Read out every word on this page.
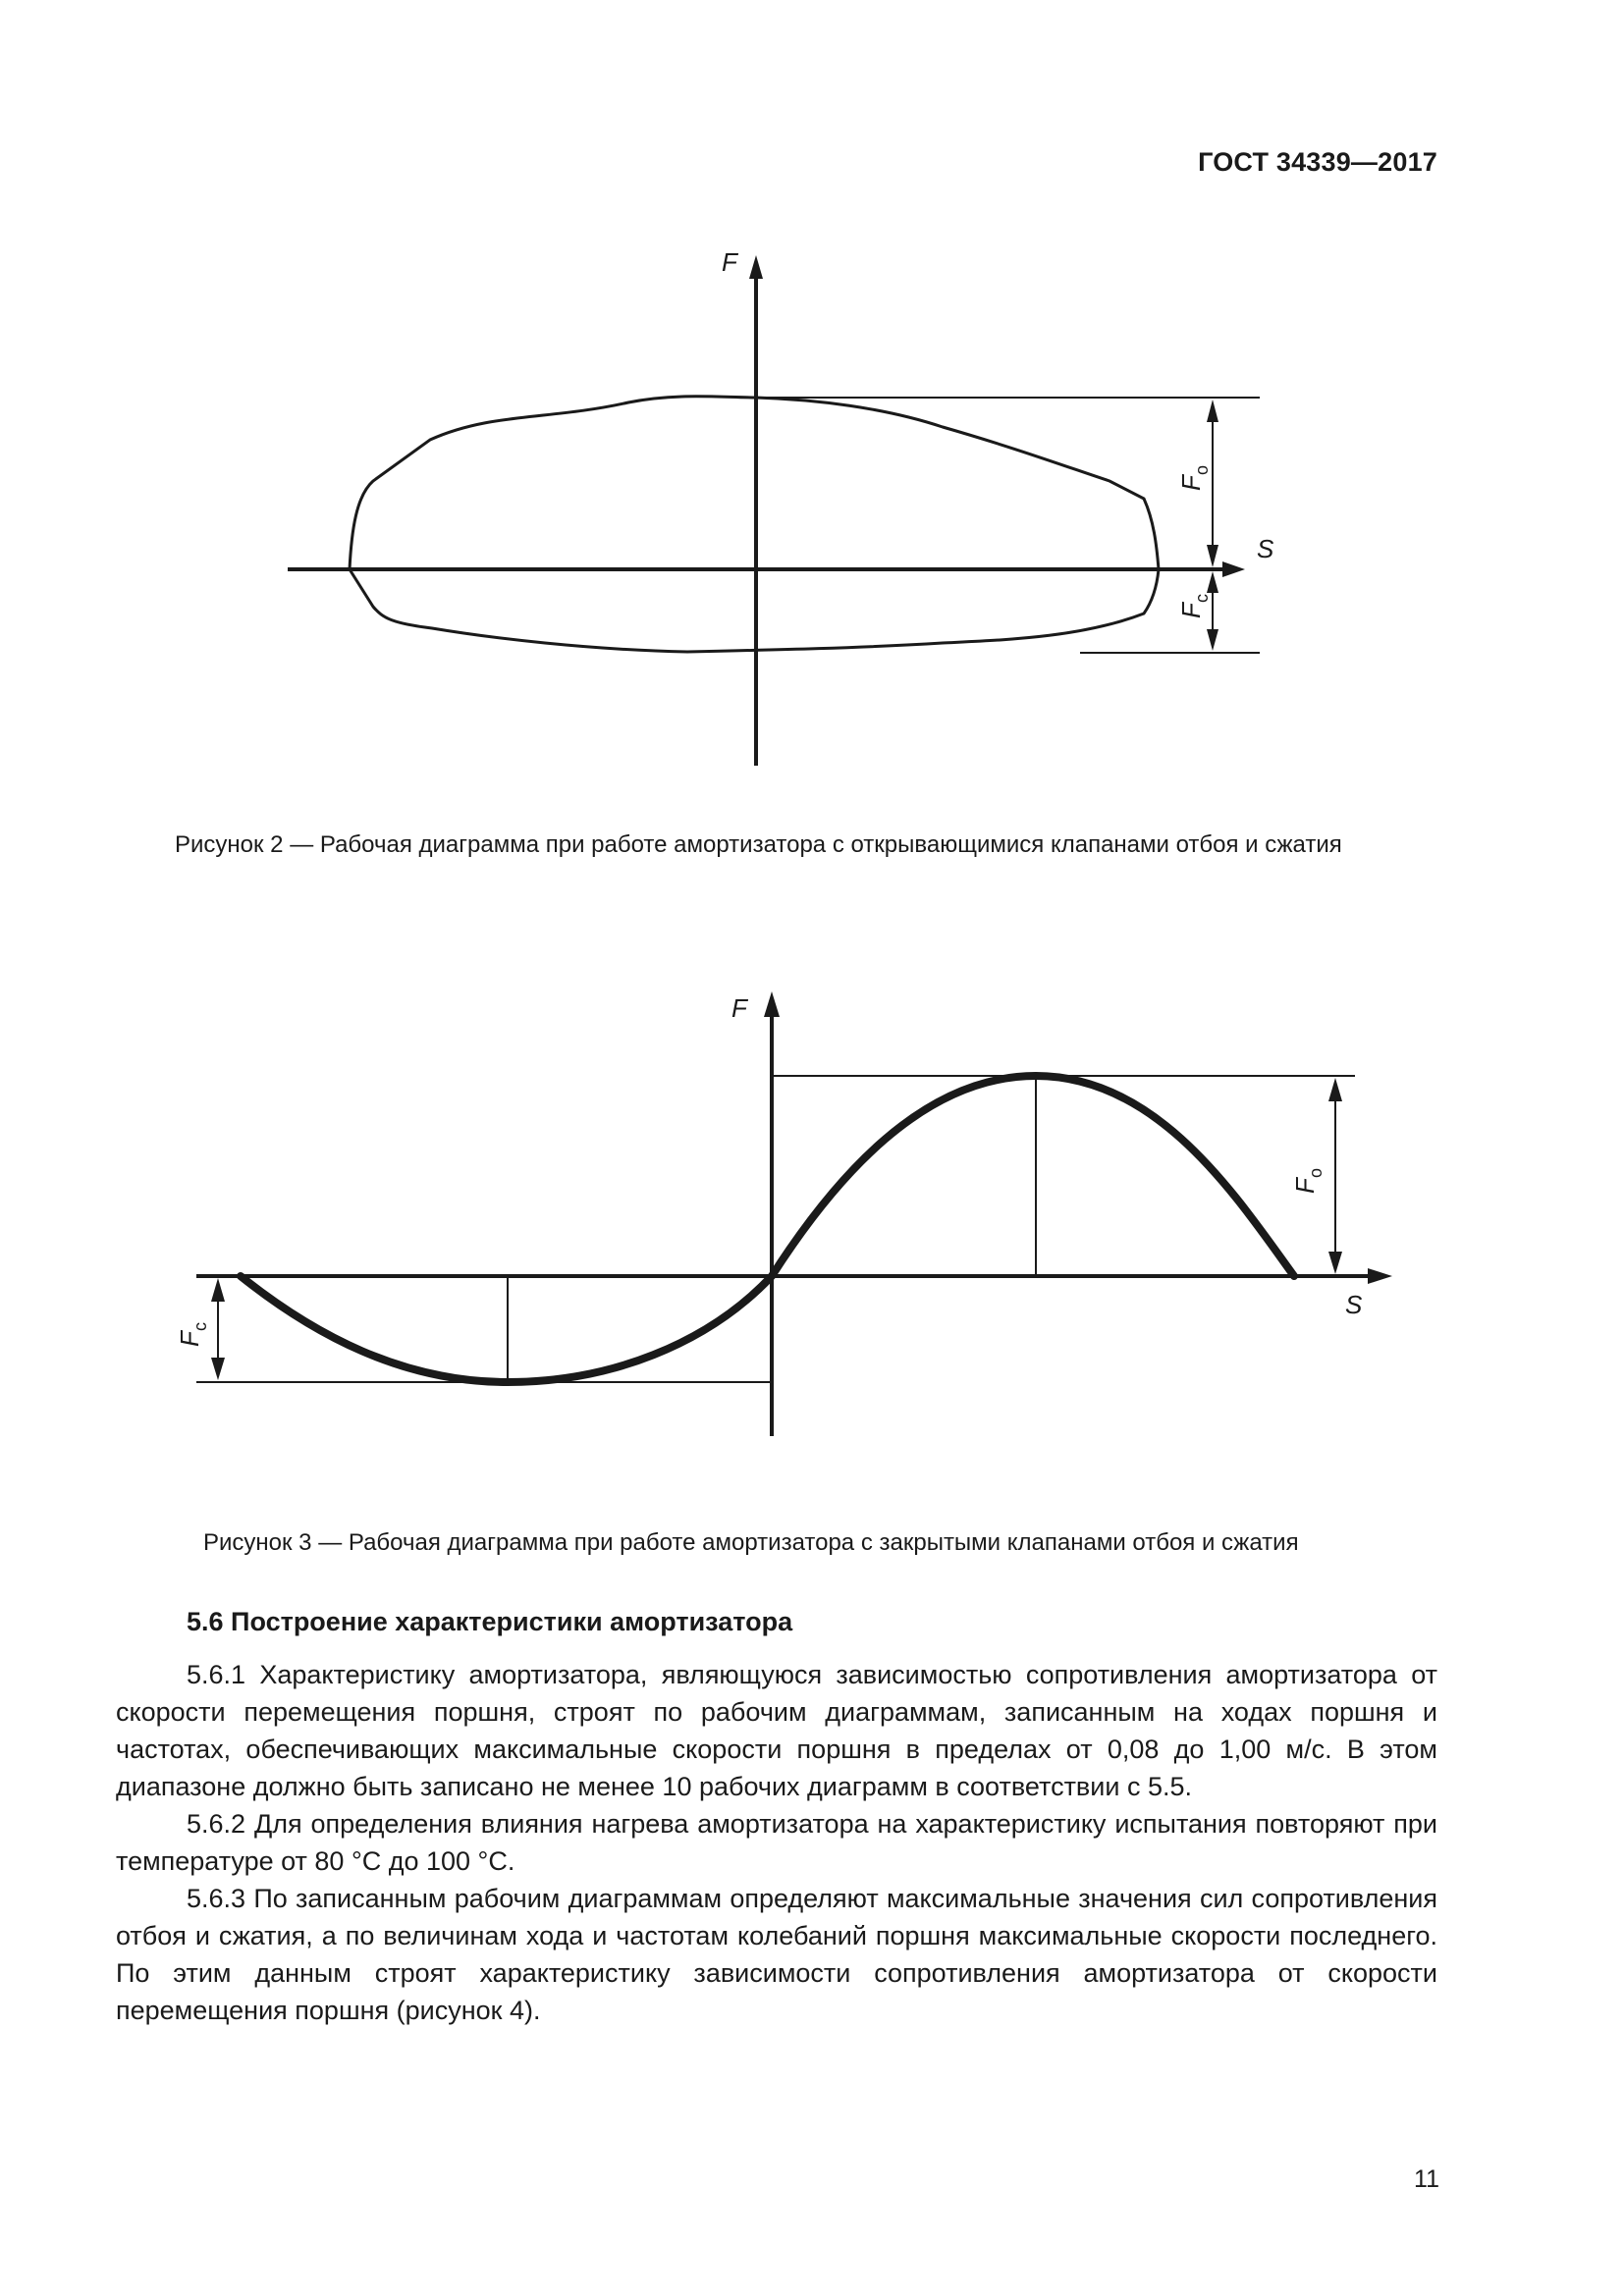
ГОСТ 34339—2017
S
F
F
о
F
с
Рисунок 2 — Рабочая диаграмма при работе амортизатора с открывающимися клапанами отбоя и сжатия
S
F
F
о
F
с
Рисунок 3 — Рабочая диаграмма при работе амортизатора с закрытыми клапанами отбоя и сжатия
5.6 Построение характеристики амортизатора

5.6.1 Характеристику амортизатора, являющуюся зависимостью сопротивления амортизатора от скорости перемещения поршня, строят по рабочим диаграммам, записанным на ходах поршня и частотах, обеспечивающих максимальные скорости поршня в пределах от 0,08 до 1,00 м/с. В этом диапазоне должно быть записано не менее 10 рабочих диаграмм в соответствии с 5.5.

5.6.2 Для определения влияния нагрева амортизатора на характеристику испытания повторяют при температуре от 80 °C до 100 °C.

5.6.3 По записанным рабочим диаграммам определяют максимальные значения сил сопротивления отбоя и сжатия, а по величинам хода и частотам колебаний поршня максимальные скорости последнего. По этим данным строят характеристику зависимости сопротивления амортизатора от скорости перемещения поршня (рисунок 4).

11
